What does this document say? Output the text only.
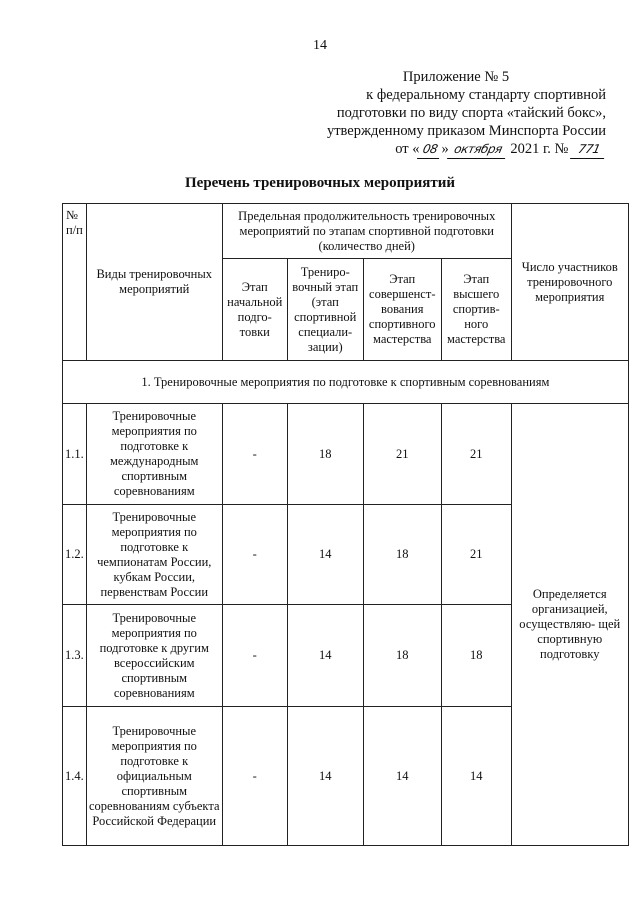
14
Приложение № 5
к федеральному стандарту спортивной
подготовки по виду спорта «тайский бокс»,
утвержденному приказом Минспорта России
от « 08 » октября 2021 г. № 771
Перечень тренировочных мероприятий
№ п/п	Виды тренировочных мероприятий	Предельная продолжительность тренировочных мероприятий по этапам спортивной подготовки (количество дней)				Число участников тренировочного мероприятия
		Этап начальной подго- товки	Трениро- вочный этап (этап спортивной специали- зации)	Этап совершенст- вования спортивного мастерства	Этап высшего спортив- ного мастерства	
1. Тренировочные мероприятия по подготовке к спортивным соревнованиям						
1.1.	Тренировочные мероприятия по подготовке к международным спортивным соревнованиям	-	18	21	21	Определяется организацией, осуществляю- щей спортивную подготовку
1.2.	Тренировочные мероприятия по подготовке к чемпионатам России, кубкам России, первенствам России	-	14	18	21	
1.3.	Тренировочные мероприятия по подготовке к другим всероссийским спортивным соревнованиям	-	14	18	18	
1.4.	Тренировочные мероприятия по подготовке к официальным спортивным соревнованиям субъекта Российской Федерации	-	14	14	14	
